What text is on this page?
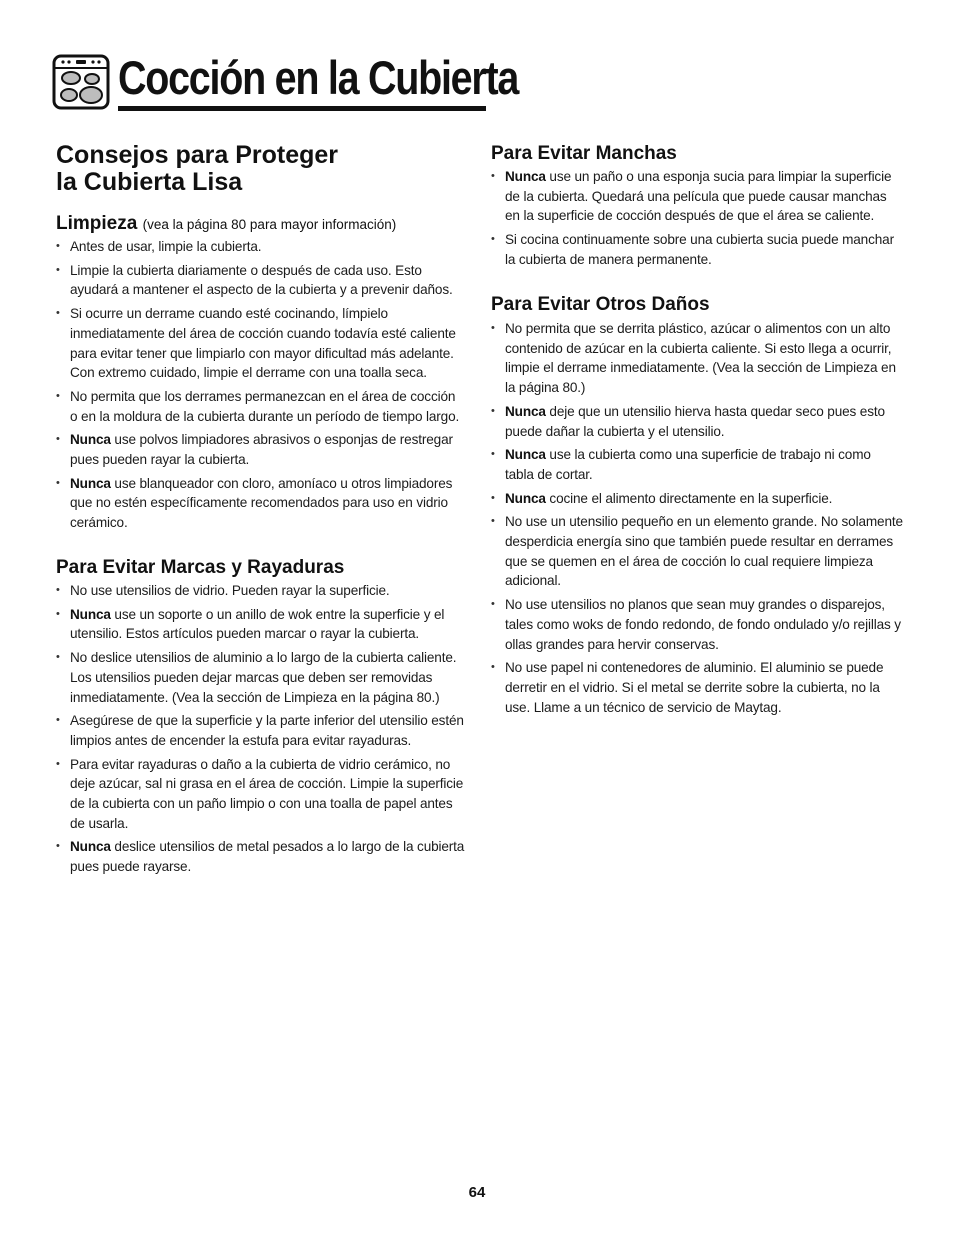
Cocción en la Cubierta
Consejos para Proteger
la Cubierta Lisa
Limpieza (vea la página 80 para mayor información)
• Antes de usar, limpie la cubierta.
• Limpie la cubierta diariamente o después de cada uso. Esto ayudará a mantener el aspecto de la cubierta y a prevenir daños.
• Si ocurre un derrame cuando esté cocinando, límpielo inmediatamente del área de cocción cuando todavía esté caliente para evitar tener que limpiarlo con mayor dificultad más adelante. Con extremo cuidado, limpie el derrame con una toalla seca.
• No permita que los derrames permanezcan en el área de cocción o en la moldura de la cubierta durante un período de tiempo largo.
• Nunca use polvos limpiadores abrasivos o esponjas de restregar pues pueden rayar la cubierta.
• Nunca use blanqueador con cloro, amoníaco u otros limpiadores que no estén específicamente recomendados para uso en vidrio cerámico.
Para Evitar Marcas y Rayaduras
• No use utensilios de vidrio. Pueden rayar la superficie.
• Nunca use un soporte o un anillo de wok entre la superficie y el utensilio. Estos artículos pueden marcar o rayar la cubierta.
• No deslice utensilios de aluminio a lo largo de la cubierta caliente. Los utensilios pueden dejar marcas que deben ser removidas inmediatamente. (Vea la sección de Limpieza en la página 80.)
• Asegúrese de que la superficie y la parte inferior del utensilio estén limpios antes de encender la estufa para evitar rayaduras.
• Para evitar rayaduras o daño a la cubierta de vidrio cerámico, no deje azúcar, sal ni grasa en el área de cocción. Limpie la superficie de la cubierta con un paño limpio o con una toalla de papel antes de usarla.
• Nunca deslice utensilios de metal pesados a lo largo de la cubierta pues puede rayarse.
Para Evitar Manchas
• Nunca use un paño o una esponja sucia para limpiar la superficie de la cubierta. Quedará una película que puede causar manchas en la superficie de cocción después de que el área se caliente.
• Si cocina continuamente sobre una cubierta sucia puede manchar la cubierta de manera permanente.
Para Evitar Otros Daños
• No permita que se derrita plástico, azúcar o alimentos con un alto contenido de azúcar en la cubierta caliente. Si esto llega a ocurrir, limpie el derrame inmediatamente. (Vea la sección de Limpieza en la página 80.)
• Nunca deje que un utensilio hierva hasta quedar seco pues esto puede dañar la cubierta y el utensilio.
• Nunca use la cubierta como una superficie de trabajo ni como tabla de cortar.
• Nunca cocine el alimento directamente en la superficie.
• No use un utensilio pequeño en un elemento grande. No solamente desperdicia energía sino que también puede resultar en derrames que se quemen en el área de cocción lo cual requiere limpieza adicional.
• No use utensilios no planos que sean muy grandes o disparejos, tales como woks de fondo redondo, de fondo ondulado y/o rejillas y ollas grandes para hervir conservas.
• No use papel ni contenedores de aluminio. El aluminio se puede derretir en el vidrio. Si el metal se derrite sobre la cubierta, no la use. Llame a un técnico de servicio de Maytag.
64
